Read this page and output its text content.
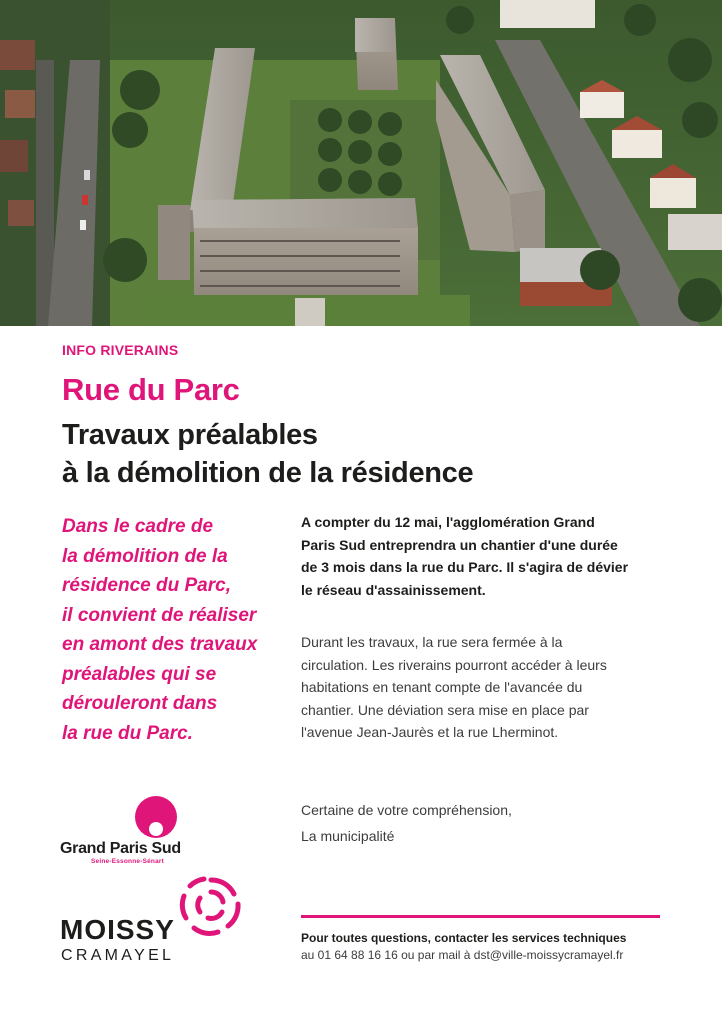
INFO RIVERAINS

Rue du Parc
Travaux préalables
à la démolition de la résidence

Dans le cadre de
la démolition de la
résidence du Parc,
il convient de réaliser
en amont des travaux
préalables qui se
dérouleront dans
la rue du Parc.

A compter du 12 mai, l'agglomération Grand
Paris Sud entreprendra un chantier d'une durée
de 3 mois dans la rue du Parc. Il s'agira de dévier
le réseau d'assainissement.

Durant les travaux, la rue sera fermée à la
circulation. Les riverains pourront accéder à leurs
habitations en tenant compte de l'avancée du
chantier. Une déviation sera mise en place par
l'avenue Jean-Jaurès et la rue Lherminot.

Certaine de votre compréhension,
La municipalité

Pour toutes questions, contacter les services techniques
au 01 64 88 16 16 ou par mail à dst@ville-moissycramayel.fr

Grand Paris Sud

Seine-Essonne-Sénart

MOISSY

CRAMAYEL
